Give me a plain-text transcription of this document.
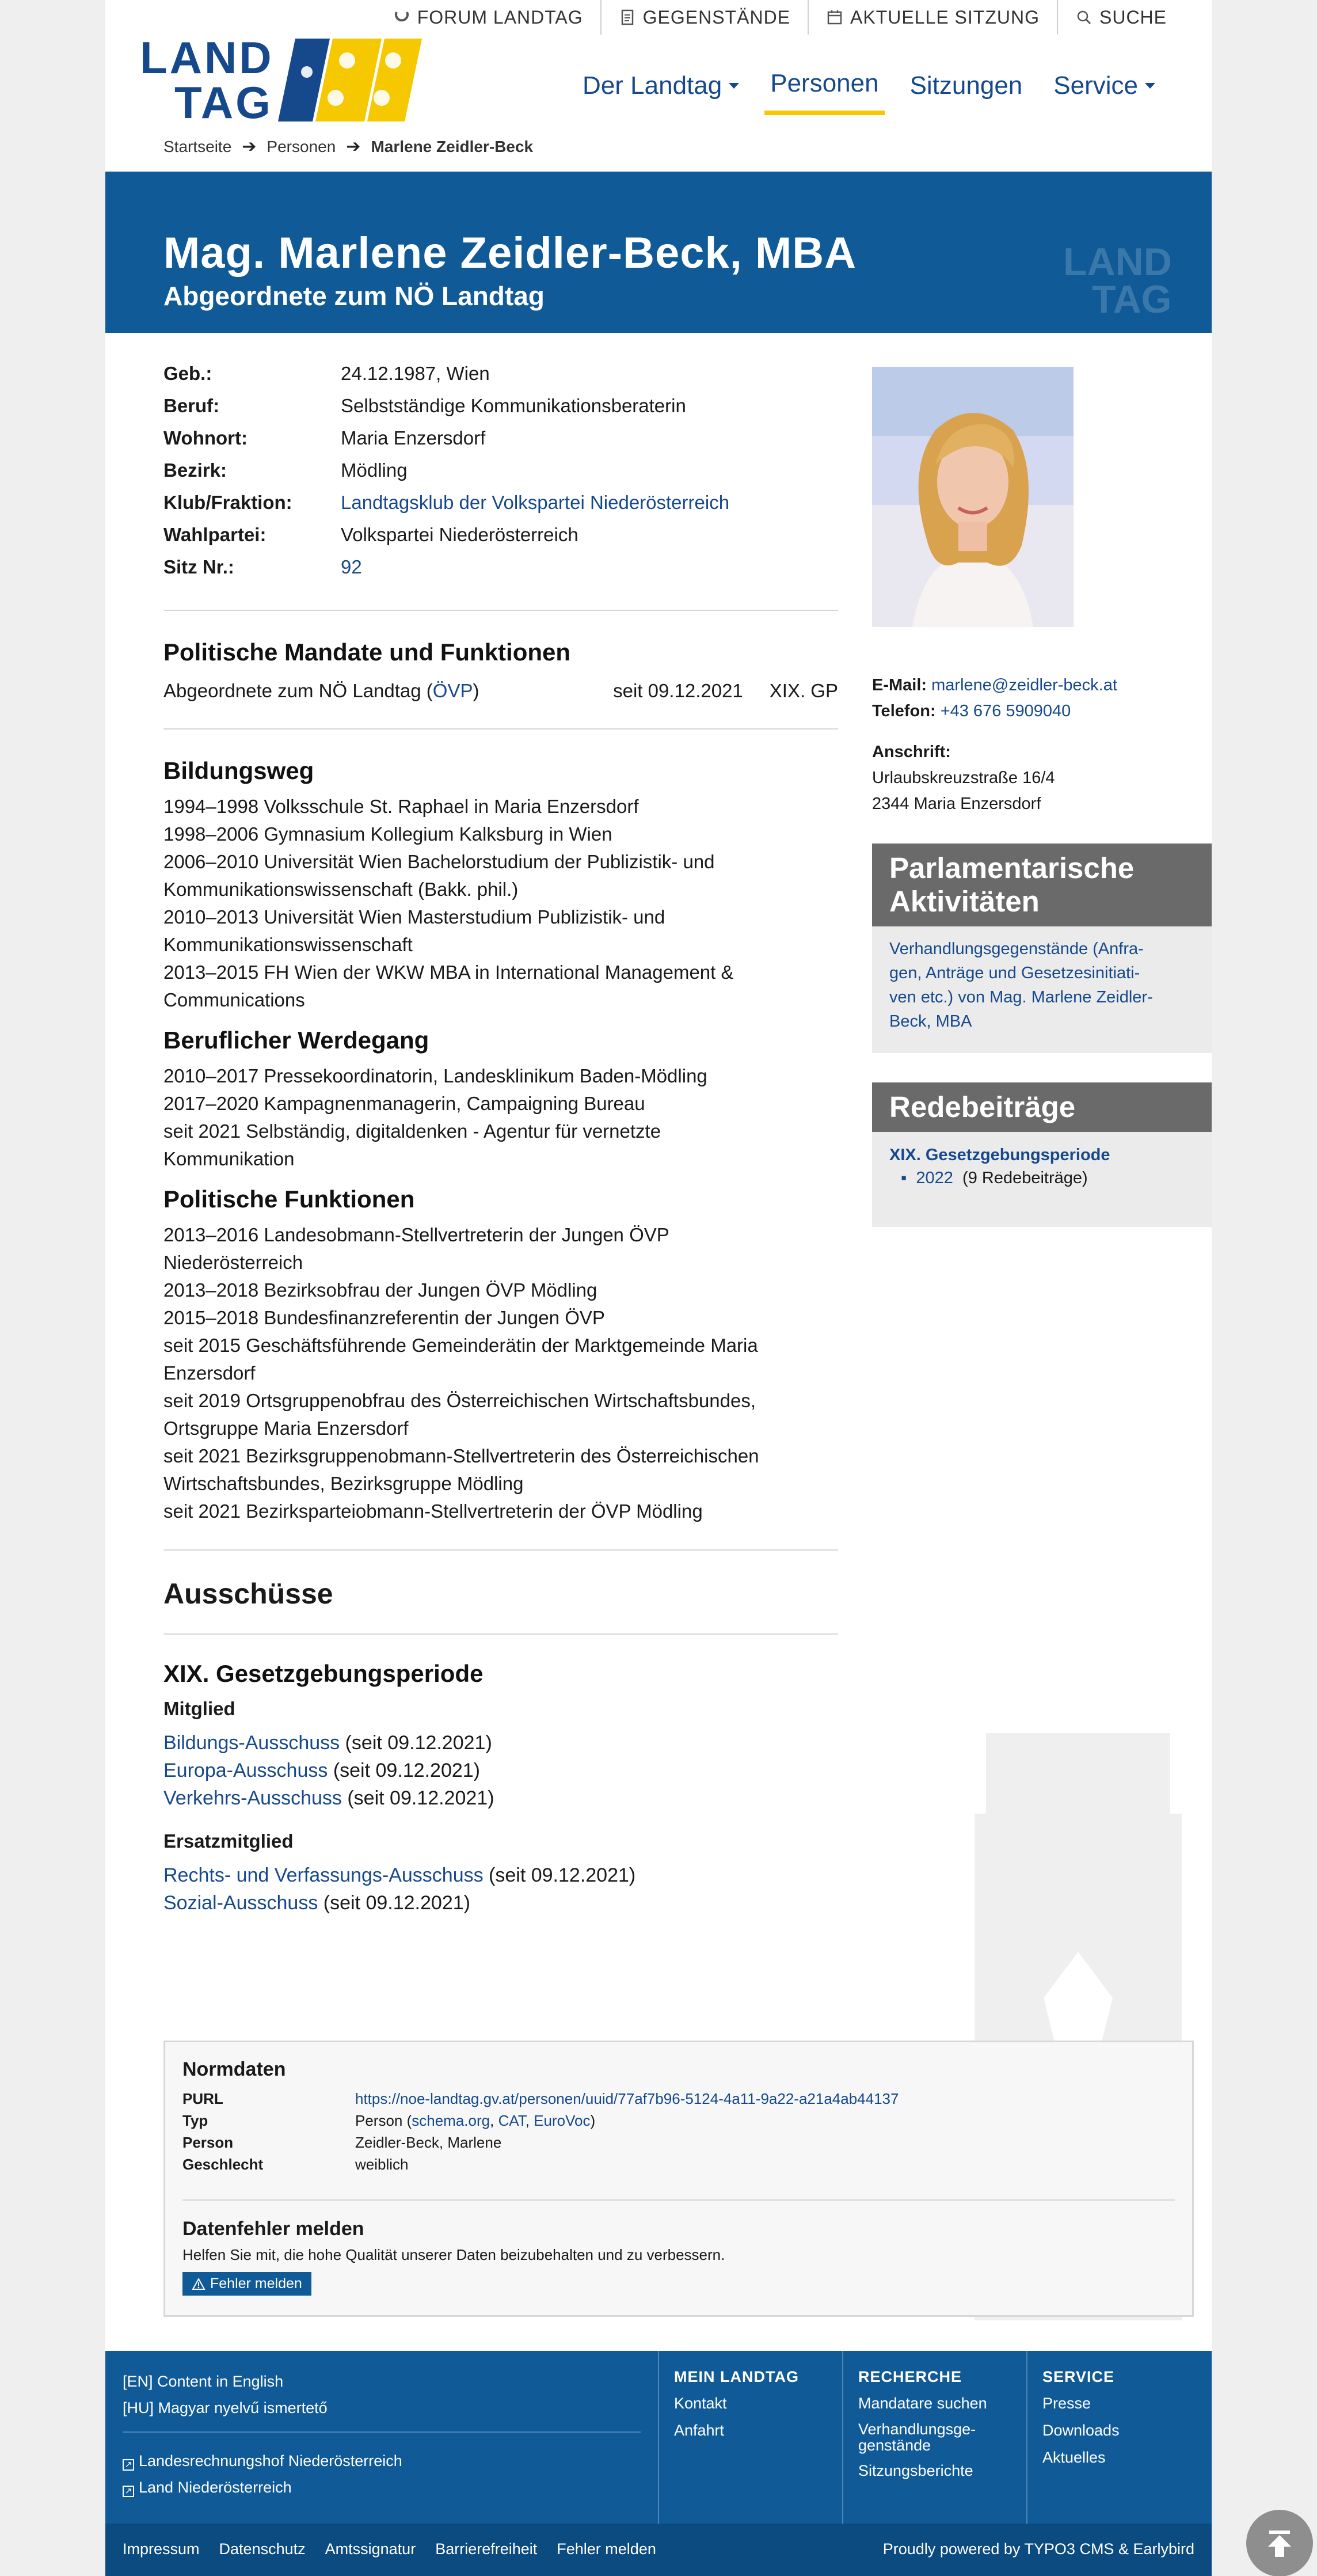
FORUM LANDTAG	GEGENSTÄNDE	AKTUELLE SITZUNG	SUCHE
LAND
TAG	Der Landtag Personen Sitzungen Service
Startseite ➔ Personen ➔ Marlene Zeidler-Beck
Mag. Marlene Zeidler-Beck, MBA
Abgeordnete zum NÖ Landtag
LAND
TAG
Geb.:	24.12.1987, Wien
Beruf:	Selbstständige Kommunikationsberaterin
Wohnort:	Maria Enzersdorf
Bezirk:	Mödling
Klub/Fraktion:	Landtagsklub der Volkspartei Niederösterreich
Wahlpartei:	Volkspartei Niederösterreich
Sitz Nr.:	92
Politische Mandate und Funktionen
Abgeordnete zum NÖ Landtag (ÖVP)	seit 09.12.2021 XIX. GP
Bildungsweg
1994–1998 Volksschule St. Raphael in Maria Enzersdorf
1998–2006 Gymnasium Kollegium Kalksburg in Wien
2006–2010 Universität Wien Bachelorstudium der Publizistik- und
Kommunikationswissenschaft (Bakk. phil.)
2010–2013 Universität Wien Masterstudium Publizistik- und
Kommunikationswissenschaft
2013–2015 FH Wien der WKW MBA in International Management &
Communications
Beruflicher Werdegang
2010–2017 Pressekoordinatorin, Landesklinikum Baden-Mödling
2017–2020 Kampagnenmanagerin, Campaigning Bureau
seit 2021 Selbständig, digitaldenken - Agentur für vernetzte
Kommunikation
Politische Funktionen
2013–2016 Landesobmann-Stellvertreterin der Jungen ÖVP
Niederösterreich
2013–2018 Bezirksobfrau der Jungen ÖVP Mödling
2015–2018 Bundesfinanzreferentin der Jungen ÖVP
seit 2015 Geschäftsführende Gemeinderätin der Marktgemeinde Maria
Enzersdorf
seit 2019 Ortsgruppenobfrau des Österreichischen Wirtschaftsbundes,
Ortsgruppe Maria Enzersdorf
seit 2021 Bezirksgruppenobmann-Stellvertreterin des Österreichischen
Wirtschaftsbundes, Bezirksgruppe Mödling
seit 2021 Bezirksparteiobmann-Stellvertreterin der ÖVP Mödling
Ausschüsse
XIX. Gesetzgebungsperiode
Mitglied
Bildungs-Ausschuss (seit 09.12.2021)
Europa-Ausschuss (seit 09.12.2021)
Verkehrs-Ausschuss (seit 09.12.2021)
Ersatzmitglied
Rechts- und Verfassungs-Ausschuss (seit 09.12.2021)
Sozial-Ausschuss (seit 09.12.2021)
E-Mail: marlene@zeidler-beck.at
Telefon: +43 676 5909040
Anschrift:
Urlaubskreuzstraße 16/4
2344 Maria Enzersdorf
Parlamentarische Aktivitäten
Verhandlungsgegenstände (Anfra-
gen, Anträge und Gesetzesinitiati-
ven etc.) von Mag. Marlene Zeidler-
Beck, MBA
Redebeiträge
XIX. Gesetzgebungsperiode
▪ 2022 (9 Redebeiträge)
Normdaten
PURL	https://noe-landtag.gv.at/personen/uuid/77af7b96-5124-4a11-9a22-a21a4ab44137
Typ	Person (schema.org, CAT, EuroVoc)
Person	Zeidler-Beck, Marlene
Geschlecht	weiblich
Datenfehler melden
Helfen Sie mit, die hohe Qualität unserer Daten beizubehalten und zu verbessern.
Fehler melden
[EN] Content in English
[HU] Magyar nyelvű ismertető
↗ Landesrechnungshof Niederösterreich
↗ Land Niederösterreich
MEIN LANDTAG
Kontakt
Anfahrt
RECHERCHE
Mandatare suchen
Verhandlungsge-
genstände
Sitzungsberichte
SERVICE
Presse
Downloads
Aktuelles
Impressum Datenschutz Amtssignatur Barrierefreiheit Fehler melden	Proudly powered by TYPO3 CMS & Earlybird
